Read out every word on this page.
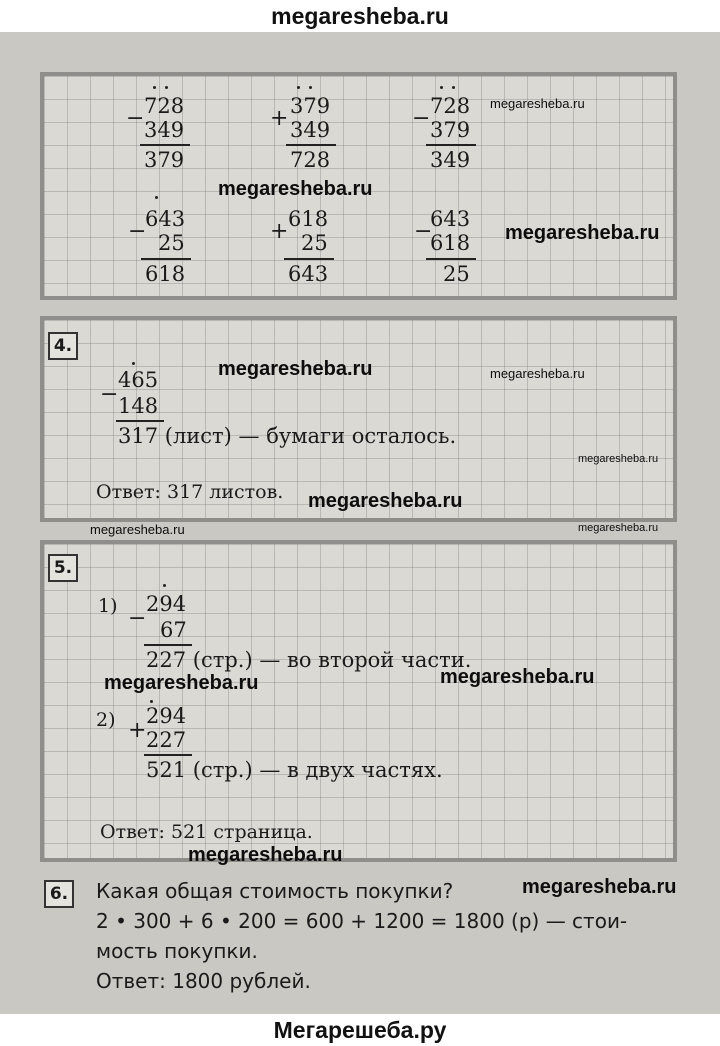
megaresheba.ru
− 728
349
379
+ 379
349
728
− 728
379
349
−
643
25
618
+ 618
25
643
−
643
618
25
4.
−
465
148
317 (лист) — бумаги осталось.
Ответ: 317 листов.
5.
1) −
294
67
227 (стр.) — во второй части.
2) +
294
227
521 (стр.) — в двух частях.
Ответ: 521 страница.
6. Какая общая стоимость покупки?
2 • 300 + 6 • 200 = 600 + 1200 = 1800 (р) — стои-
мость покупки.
Ответ: 1800 рублей.
megaresheba.ru
megaresheba.ru
megaresheba.ru
megaresheba.ru	megaresheba.ru
megaresheba.ru
megaresheba.ru
megaresheba.ru	megaresheba.ru
megaresheba.ru	megaresheba.ru
megaresheba.ru
megaresheba.ru
Мегарешеба.ру
